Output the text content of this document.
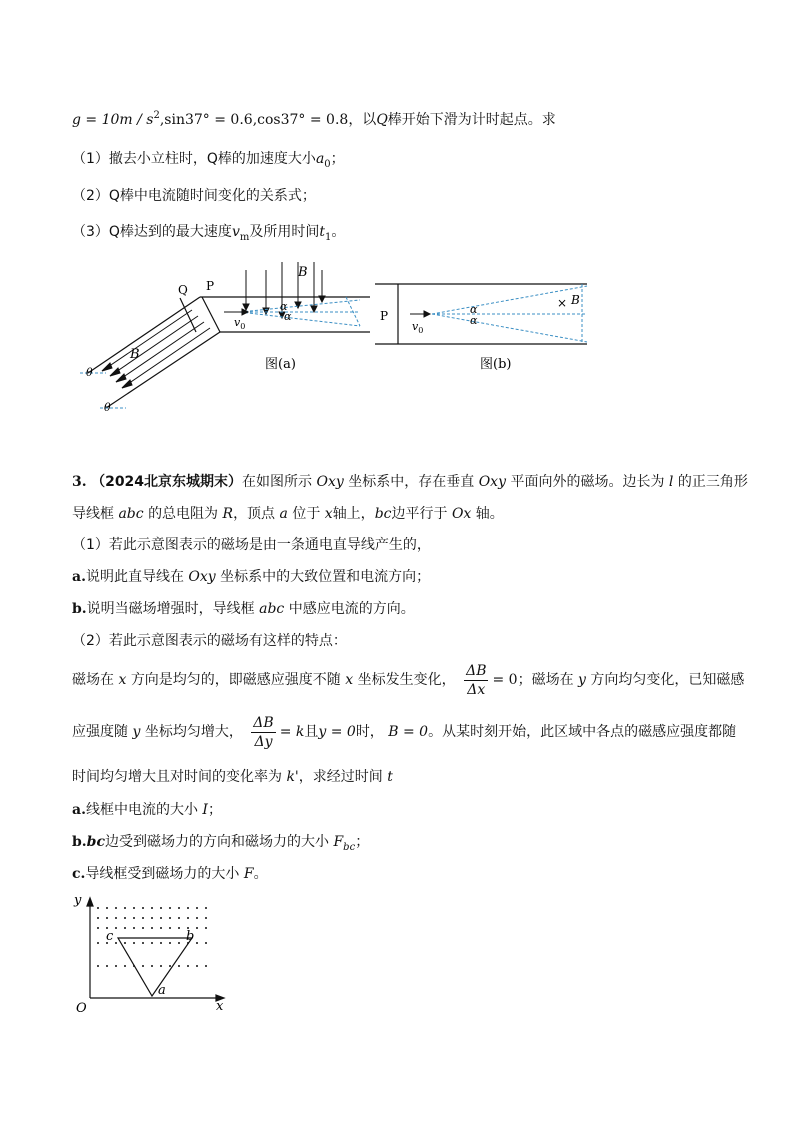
$g = 10m / s^2,\sin 37^\circ = 0.6,\cos 37^\circ = 0.8$，以Q棒开始下滑为计时起点。求
（1）撤去小立柱时，Q棒的加速度大小$a_0$；
（2）Q棒中电流随时间变化的关系式；
（3）Q棒达到的最大速度$v_m$及所用时间$t_1$。
θ
θ
B
B
$v_0$
α
α
Q P
图(a)
P
$v_0$
α
α
× B
图(b)
3. （2024北京东城期末）在如图所示 Oxy 坐标系中，存在垂直 Oxy 平面向外的磁场。边长为 l 的正三角形
导线框 abc 的总电阻为 R，顶点 a 位于 x轴上，bc边平行于 Ox 轴。
（1）若此示意图表示的磁场是由一条通电直导线产生的，
a.说明此直导线在 Oxy 坐标系中的大致位置和电流方向；
b.说明当磁场增强时，导线框 abc 中感应电流的方向。
（2）若此示意图表示的磁场有这样的特点：
磁场在 x 方向是均匀的，即磁感应强度不随 x 坐标发生变化， $\frac{\Delta B}{\Delta x} = 0$；磁场在 y 方向均匀变化，已知磁感
应强度随 y 坐标均匀增大， $\frac{\Delta B}{\Delta y} = k$且y = 0时， B = 0。从某时刻开始，此区域中各点的磁感应强度都随
时间均匀增大且对时间的变化率为 k'，求经过时间 t
a.线框中电流的大小 I；
b.bc边受到磁场力的方向和磁场力的大小 $F_{bc}$；
c.导线框受到磁场力的大小 F。
y
x
O
a
b
c
